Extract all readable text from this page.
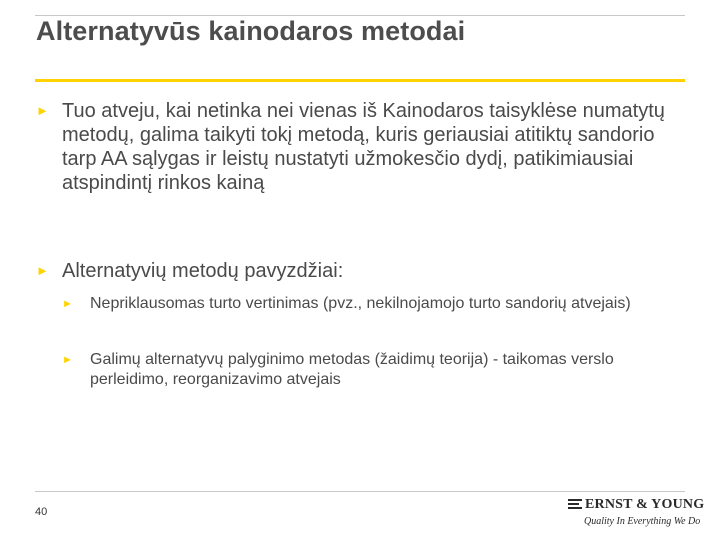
Alternatyvūs kainodaros metodai
► Tuo atveju, kai netinka nei vienas iš Kainodaros taisyklėse numatytų metodų, galima taikyti tokį metodą, kuris geriausiai atitiktų sandorio tarp AA sąlygas ir leistų nustatyti užmokesčio dydį, patikimiausiai atspindintį rinkos kainą
► Alternatyvių metodų pavyzdžiai:
► Nepriklausomas turto vertinimas (pvz., nekilnojamojo turto sandorių atvejais)
► Galimų alternatyvų palyginimo metodas (žaidimų teorija) - taikomas verslo perleidimo, reorganizavimo atvejais
40	ERNST & YOUNG
Quality In Everything We Do
